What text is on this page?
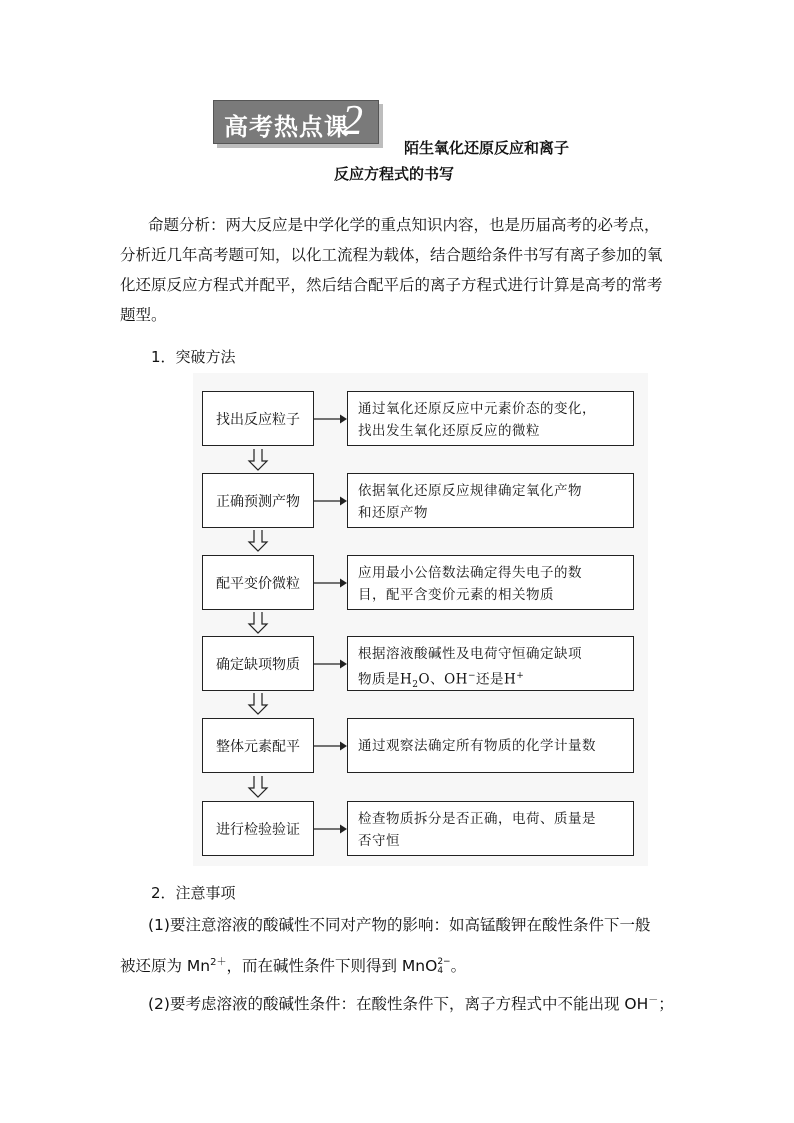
高考热点课
2
陌生氧化还原反应和离子
反应方程式的书写
命题分析：两大反应是中学化学的重点知识内容，也是历届高考的必考点，
分析近几年高考题可知，以化工流程为载体，结合题给条件书写有离子参加的氧
化还原反应方程式并配平，然后结合配平后的离子方程式进行计算是高考的常考
题型。
1．突破方法
找出反应粒子
通过氧化还原反应中元素价态的变化，
找出发生氧化还原反应的微粒
正确预测产物
依据氧化还原反应规律确定氧化产物
和还原产物
配平变价微粒
应用最小公倍数法确定得失电子的数
目，配平含变价元素的相关物质
确定缺项物质
根据溶液酸碱性及电荷守恒确定缺项
物质是$H_2O$、OH−还是H+
整体元素配平	通过观察法确定所有物质的化学计量数
进行检验验证
检查物质拆分是否正确，电荷、质量是
否守恒
2．注意事项
(1)要注意溶液的酸碱性不同对产物的影响：如高锰酸钾在酸性条件下一般
被还原为 $Mn^{2+}$，而在碱性条件下则得到 MnO 2−
4 。
(2)要考虑溶液的酸碱性条件：在酸性条件下，离子方程式中不能出现 OH－；
